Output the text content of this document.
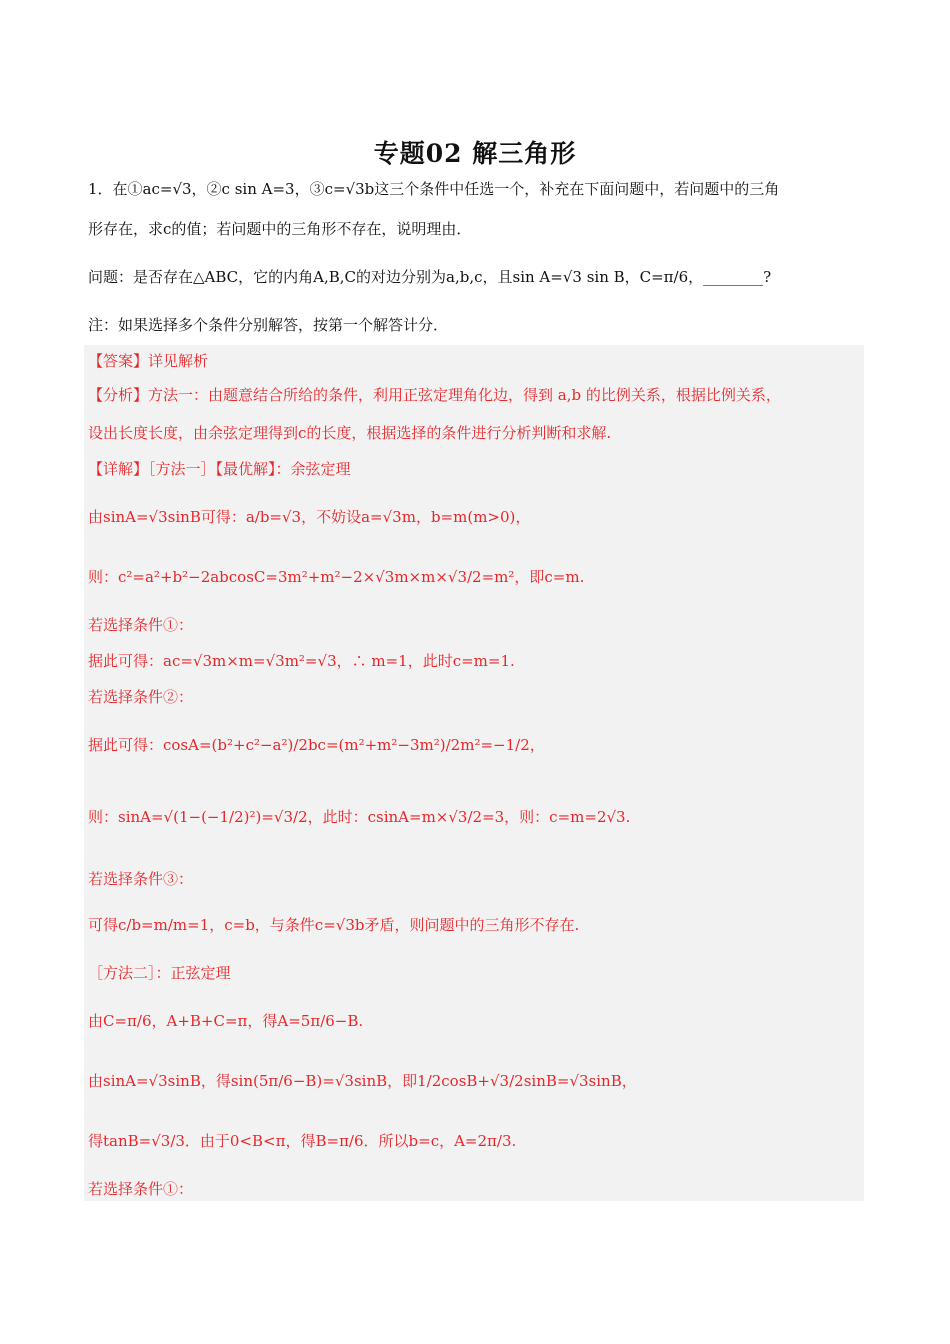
专题02 解三角形
1．在①ac=√3，②c sin A=3，③c=√3b这三个条件中任选一个，补充在下面问题中，若问题中的三角
形存在，求c的值；若问题中的三角形不存在，说明理由．
问题：是否存在△ABC，它的内角A,B,C的对边分别为a,b,c，且sin A=√3 sin B，C=π/6，________?
注：如果选择多个条件分别解答，按第一个解答计分．
【答案】详见解析
【分析】方法一：由题意结合所给的条件，利用正弦定理角化边，得到 a,b 的比例关系，根据比例关系，
设出长度长度，由余弦定理得到c的长度，根据选择的条件进行分析判断和求解.
【详解】［方法一］【最优解】：余弦定理
由sinA=√3sinB可得：a/b=√3，不妨设a=√3m，b=m(m>0)，
则：c²=a²+b²−2abcosC=3m²+m²−2×√3m×m×√3/2=m²，即c=m.
若选择条件①：
据此可得：ac=√3m×m=√3m²=√3，∴ m=1，此时c=m=1.
若选择条件②：
据此可得：cosA=(b²+c²−a²)/2bc=(m²+m²−3m²)/2m²=−1/2，
则：sinA=√(1−(−1/2)²)=√3/2，此时：csinA=m×√3/2=3，则：c=m=2√3.
若选择条件③：
可得c/b=m/m=1，c=b，与条件c=√3b矛盾，则问题中的三角形不存在.
［方法二］：正弦定理
由C=π/6，A+B+C=π，得A=5π/6−B.
由sinA=√3sinB，得sin(5π/6−B)=√3sinB，即1/2cosB+√3/2sinB=√3sinB，
得tanB=√3/3．由于0<B<π，得B=π/6．所以b=c，A=2π/3.
若选择条件①：
